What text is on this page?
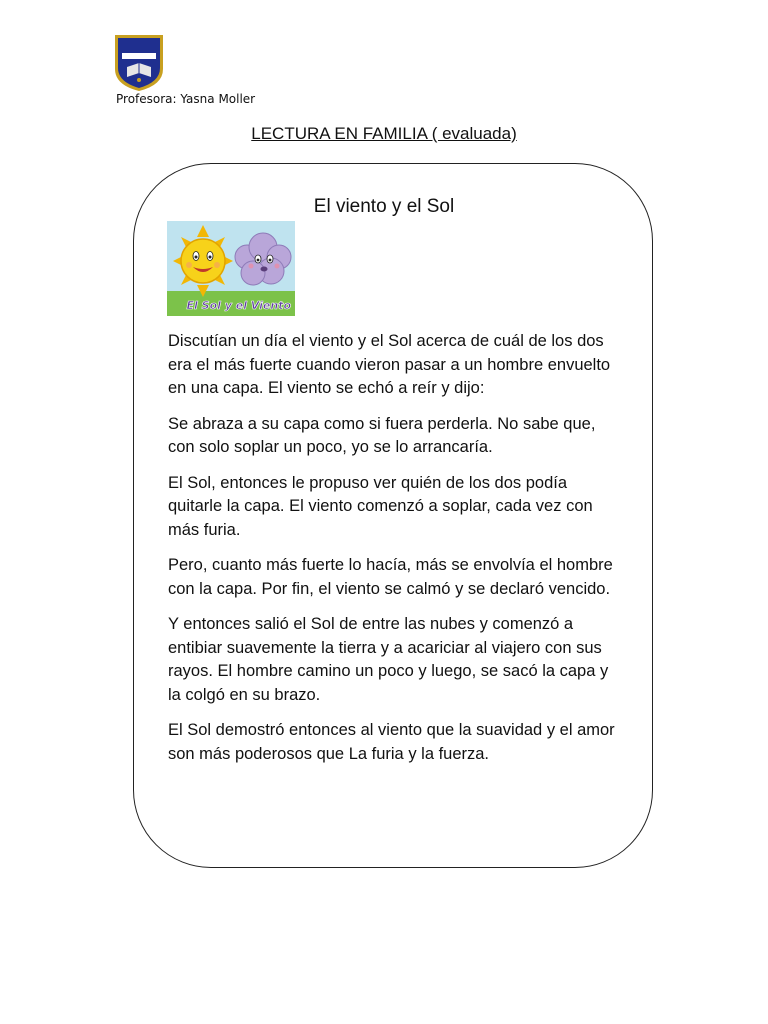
Profesora: Yasna Moller
LECTURA EN FAMILIA ( evaluada)
El viento y el Sol
El Sol y el Viento

Discutían un día el viento y el Sol acerca de cuál de los dos era el más fuerte cuando vieron pasar a un hombre envuelto en una capa. El viento se echó a reír y dijo:

Se abraza a su capa como si fuera perderla. No sabe que, con solo soplar un poco, yo se lo arrancaría.

El Sol, entonces le propuso ver quién de los dos podía quitarle la capa. El viento comenzó a soplar, cada vez con más furia.

Pero, cuanto más fuerte lo hacía, más se envolvía el hombre con la capa. Por fin, el viento se calmó y se declaró vencido.

Y entonces salió el Sol de entre las nubes y comenzó a entibiar suavemente la tierra y a acariciar al viajero con sus rayos. El hombre camino un poco y luego, se sacó la capa y la colgó en su brazo.

El Sol demostró entonces al viento que la suavidad y el amor son más poderosos que La furia y la fuerza.
